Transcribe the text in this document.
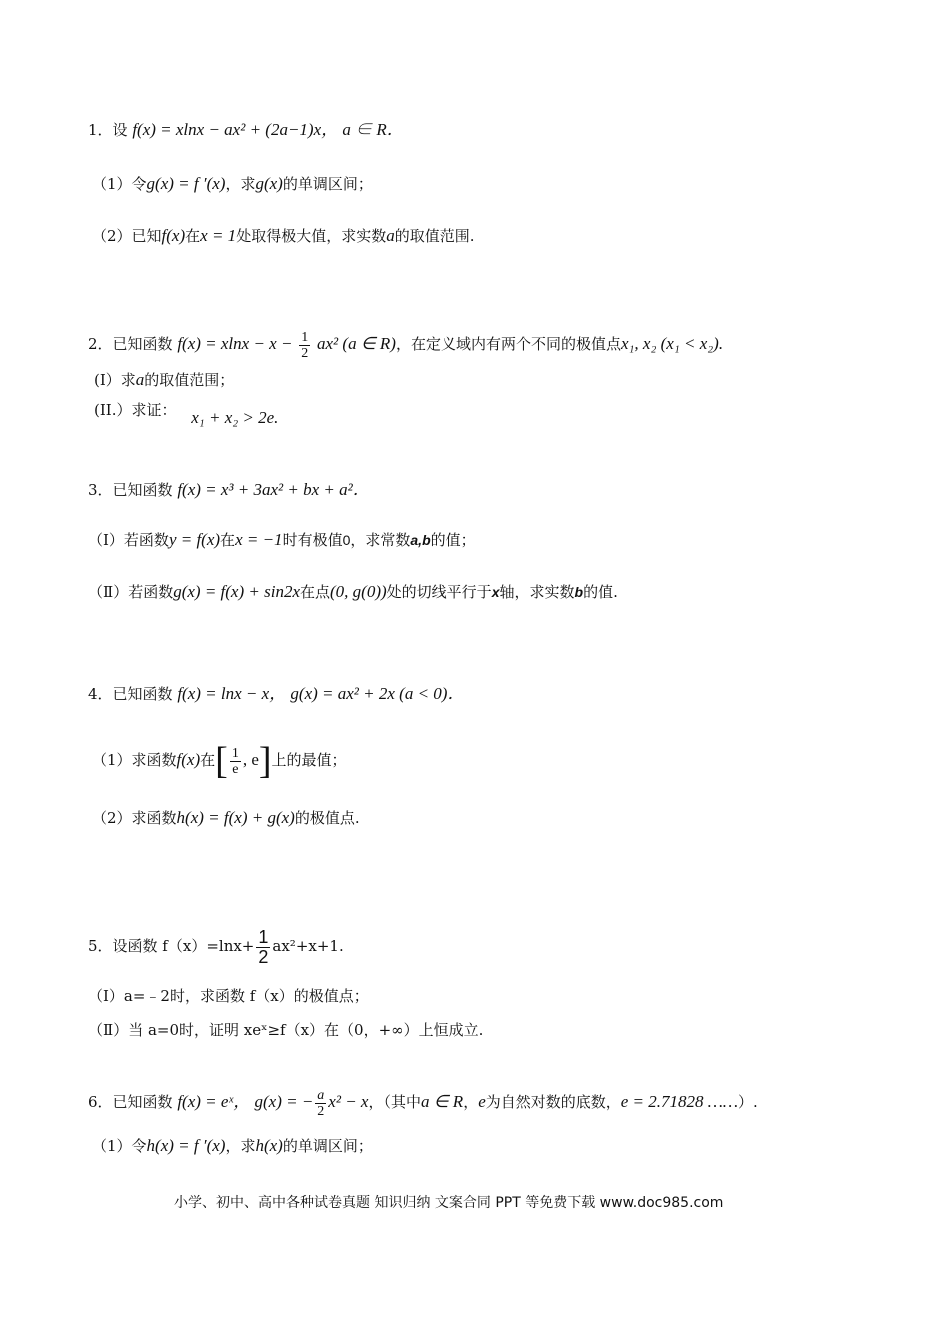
1．设 f(x) = xlnx − ax² + (2a−1)x， a ∈ R．
（1）令g(x) = f ′(x)，求g(x)的单调区间；
（2）已知f(x)在x = 1处取得极大值，求实数a的取值范围.
2．已知函数 $f(x) = xlnx - x - \frac{1}{2} ax^2$ (a ∈ R)，在定义域内有两个不同的极值点x₁, x₂ (x₁ < x₂).
(I）求a的取值范围；
(II.）求证： x₁ + x₂ > 2e.
3．已知函数 f(x) = x³ + 3ax² + bx + a²．
（Ⅰ）若函数y = f(x)在x = −1时有极值0，求常数a,b的值；
（Ⅱ）若函数g(x) = f(x) + sin2x在点(0, g(0))处的切线平行于x轴，求实数b的值.
4．已知函数 f(x) = lnx − x， g(x) = ax² + 2x (a < 0)．
（1）求函数f(x)在[ $\frac{1}{e}$ , e]上的最值；
（2）求函数h(x) = f(x) + g(x)的极值点.
5．设函数 $f(x)=\ln x+ \frac{1}{2} ax^2+x+1$.
（Ⅰ）a=﹣2时，求函数 f（x）的极值点；
（Ⅱ）当 a=0时，证明 xeˣ≥f（x）在（0，+∞）上恒成立.
6．已知函数 f(x) = eˣ， g(x) = − $\frac{a}{2} x^2 - x$，（其中a ∈ R，e为自然对数的底数，e = 2.71828 ……）.
（1）令h(x) = f ′(x)，求h(x)的单调区间；
小学、初中、高中各种试卷真题 知识归纳 文案合同 PPT 等免费下载 www.doc985.com
